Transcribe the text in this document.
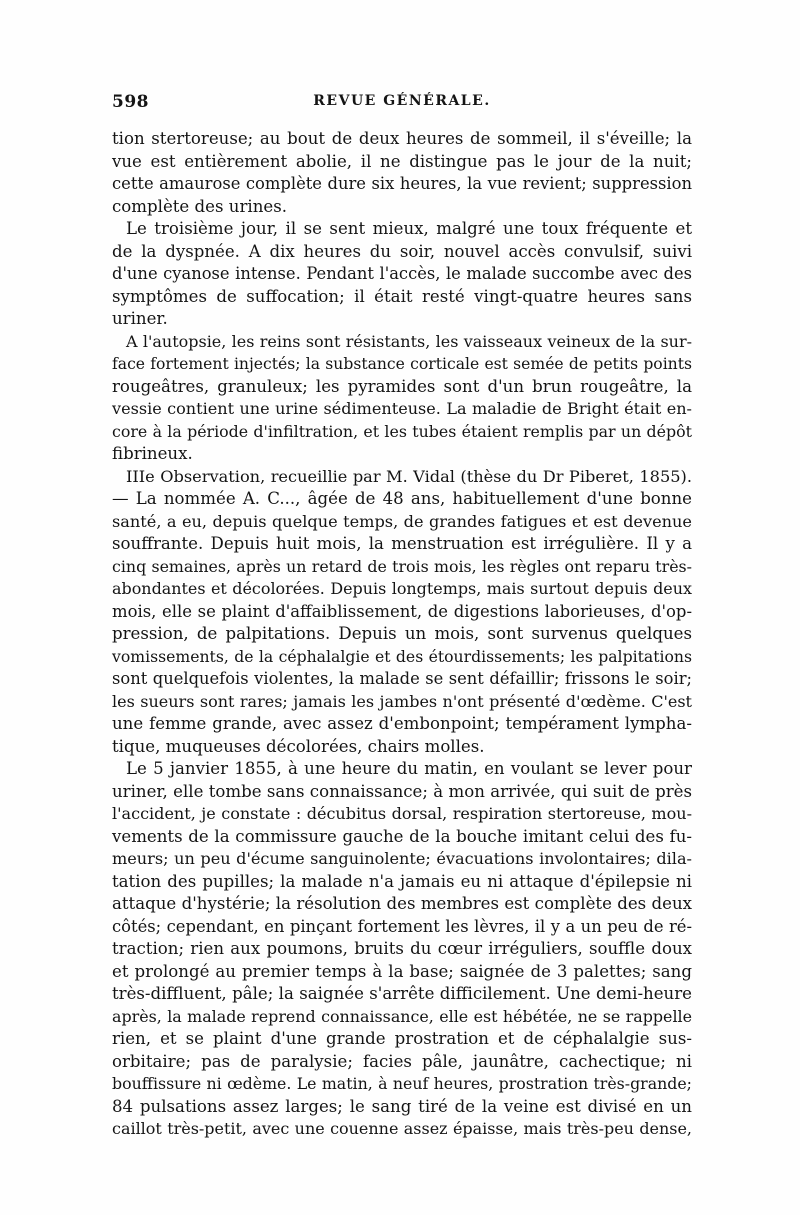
598	REVUE GÉNÉRALE.
tion stertoreuse; au bout de deux heures de sommeil, il s'éveille; la
vue est entièrement abolie, il ne distingue pas le jour de la nuit;
cette amaurose complète dure six heures, la vue revient; suppression
complète des urines.
Le troisième jour, il se sent mieux, malgré une toux fréquente et
de la dyspnée. A dix heures du soir, nouvel accès convulsif, suivi
d'une cyanose intense. Pendant l'accès, le malade succombe avec des
symptômes de suffocation; il était resté vingt-quatre heures sans
uriner.
A l'autopsie, les reins sont résistants, les vaisseaux veineux de la sur-
face fortement injectés; la substance corticale est semée de petits points
rougeâtres, granuleux; les pyramides sont d'un brun rougeâtre, la
vessie contient une urine sédimenteuse. La maladie de Bright était en-
core à la période d'infiltration, et les tubes étaient remplis par un dépôt
fibrineux.
IIIe Observation, recueillie par M. Vidal (thèse du Dr Piberet, 1855).
— La nommée A. C..., âgée de 48 ans, habituellement d'une bonne
santé, a eu, depuis quelque temps, de grandes fatigues et est devenue
souffrante. Depuis huit mois, la menstruation est irrégulière. Il y a
cinq semaines, après un retard de trois mois, les règles ont reparu très-
abondantes et décolorées. Depuis longtemps, mais surtout depuis deux
mois, elle se plaint d'affaiblissement, de digestions laborieuses, d'op-
pression, de palpitations. Depuis un mois, sont survenus quelques
vomissements, de la céphalalgie et des étourdissements; les palpitations
sont quelquefois violentes, la malade se sent défaillir; frissons le soir;
les sueurs sont rares; jamais les jambes n'ont présenté d'œdème. C'est
une femme grande, avec assez d'embonpoint; tempérament lympha-
tique, muqueuses décolorées, chairs molles.
Le 5 janvier 1855, à une heure du matin, en voulant se lever pour
uriner, elle tombe sans connaissance; à mon arrivée, qui suit de près
l'accident, je constate : décubitus dorsal, respiration stertoreuse, mou-
vements de la commissure gauche de la bouche imitant celui des fu-
meurs; un peu d'écume sanguinolente; évacuations involontaires; dila-
tation des pupilles; la malade n'a jamais eu ni attaque d'épilepsie ni
attaque d'hystérie; la résolution des membres est complète des deux
côtés; cependant, en pinçant fortement les lèvres, il y a un peu de ré-
traction; rien aux poumons, bruits du cœur irréguliers, souffle doux
et prolongé au premier temps à la base; saignée de 3 palettes; sang
très-diffluent, pâle; la saignée s'arrête difficilement. Une demi-heure
après, la malade reprend connaissance, elle est hébétée, ne se rappelle
rien, et se plaint d'une grande prostration et de céphalalgie sus-
orbitaire; pas de paralysie; facies pâle, jaunâtre, cachectique; ni
bouffissure ni œdème. Le matin, à neuf heures, prostration très-grande;
84 pulsations assez larges; le sang tiré de la veine est divisé en un
caillot très-petit, avec une couenne assez épaisse, mais très-peu dense,
